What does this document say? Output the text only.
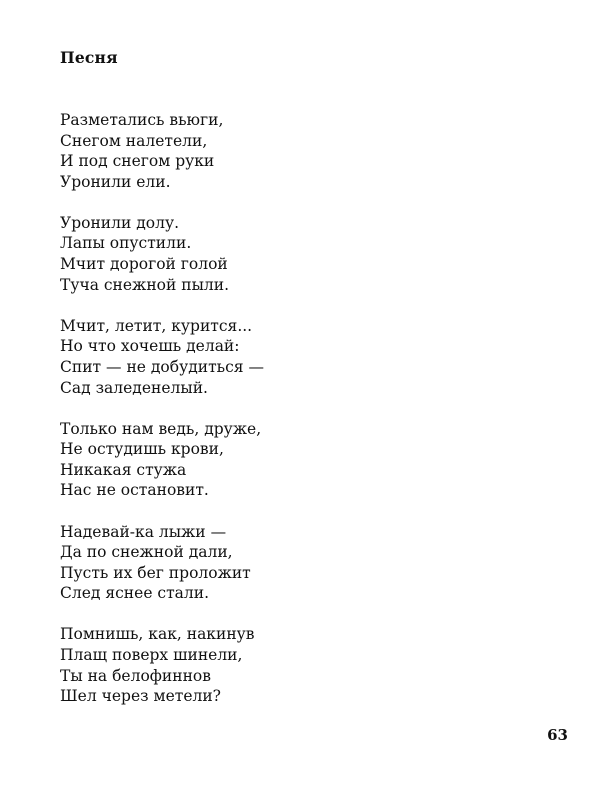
Песня
Разметались вьюги,
Снегом налетели,
И под снегом руки
Уронили ели.
Уронили долу.
Лапы опустили.
Мчит дорогой голой
Туча снежной пыли.
Мчит, летит, курится...
Но что хочешь делай:
Спит — не добудиться —
Сад заледенелый.
Только нам ведь, друже,
Не остудишь крови,
Никакая стужа
Нас не остановит.
Надевай-ка лыжи —
Да по снежной дали,
Пусть их бег проложит
След яснее стали.
Помнишь, как, накинув
Плащ поверх шинели,
Ты на белофиннов
Шел через метели?
63
